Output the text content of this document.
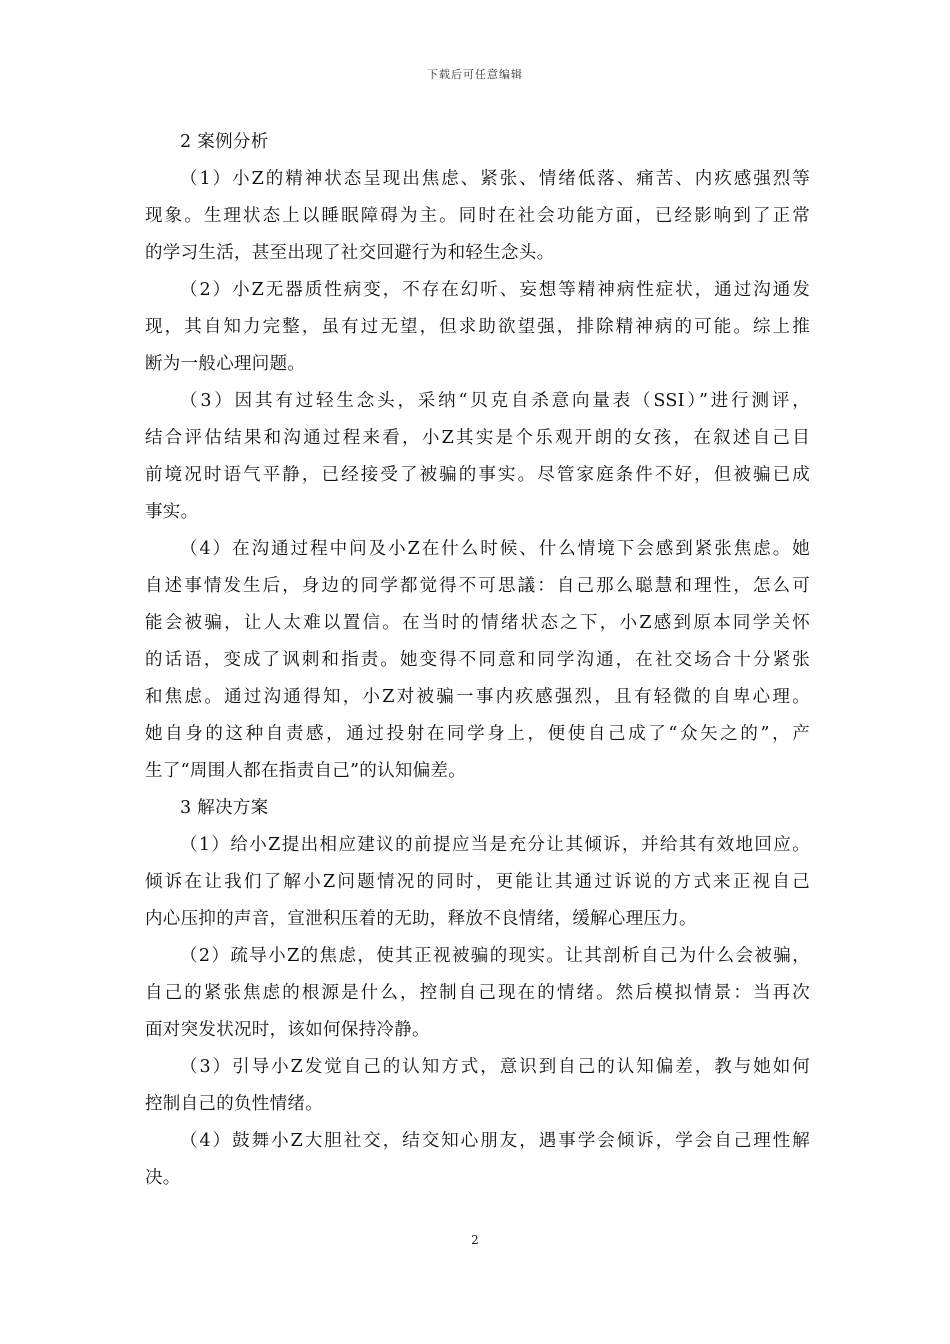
下载后可任意编辑
2 案例分析
（1）小Z的精神状态呈现出焦虑、紧张、情绪低落、痛苦、内疚感强烈等
现象。生理状态上以睡眠障碍为主。同时在社会功能方面，已经影响到了正常
的学习生活，甚至出现了社交回避行为和轻生念头。
（2）小Z无器质性病变，不存在幻听、妄想等精神病性症状，通过沟通发
现，其自知力完整，虽有过无望，但求助欲望强，排除精神病的可能。综上推
断为一般心理问题。
（3）因其有过轻生念头，采纳“贝克自杀意向量表（SSI）”进行测评，
结合评估结果和沟通过程来看，小Z其实是个乐观开朗的女孩，在叙述自己目
前境况时语气平静，已经接受了被骗的事实。尽管家庭条件不好，但被骗已成
事实。
（4）在沟通过程中问及小Z在什么时候、什么情境下会感到紧张焦虑。她
自述事情发生后，身边的同学都觉得不可思議：自己那么聪慧和理性，怎么可
能会被骗，让人太难以置信。在当时的情绪状态之下，小Z感到原本同学关怀
的话语，变成了讽刺和指责。她变得不同意和同学沟通，在社交场合十分紧张
和焦虑。通过沟通得知，小Z对被骗一事内疚感强烈，且有轻微的自卑心理。
她自身的这种自责感，通过投射在同学身上，便使自己成了“众矢之的”，产
生了“周围人都在指责自己”的认知偏差。
3 解决方案
（1）给小Z提出相应建议的前提应当是充分让其倾诉，并给其有效地回应。
倾诉在让我们了解小Z问题情况的同时，更能让其通过诉说的方式来正视自己
内心压抑的声音，宣泄积压着的无助，释放不良情绪，缓解心理压力。
（2）疏导小Z的焦虑，使其正视被骗的现实。让其剖析自己为什么会被骗，
自己的紧张焦虑的根源是什么，控制自己现在的情绪。然后模拟情景：当再次
面对突发状况时，该如何保持冷静。
（3）引导小Z发觉自己的认知方式，意识到自己的认知偏差，教与她如何
控制自己的负性情绪。
（4）鼓舞小Z大胆社交，结交知心朋友，遇事学会倾诉，学会自己理性解
决。
2
